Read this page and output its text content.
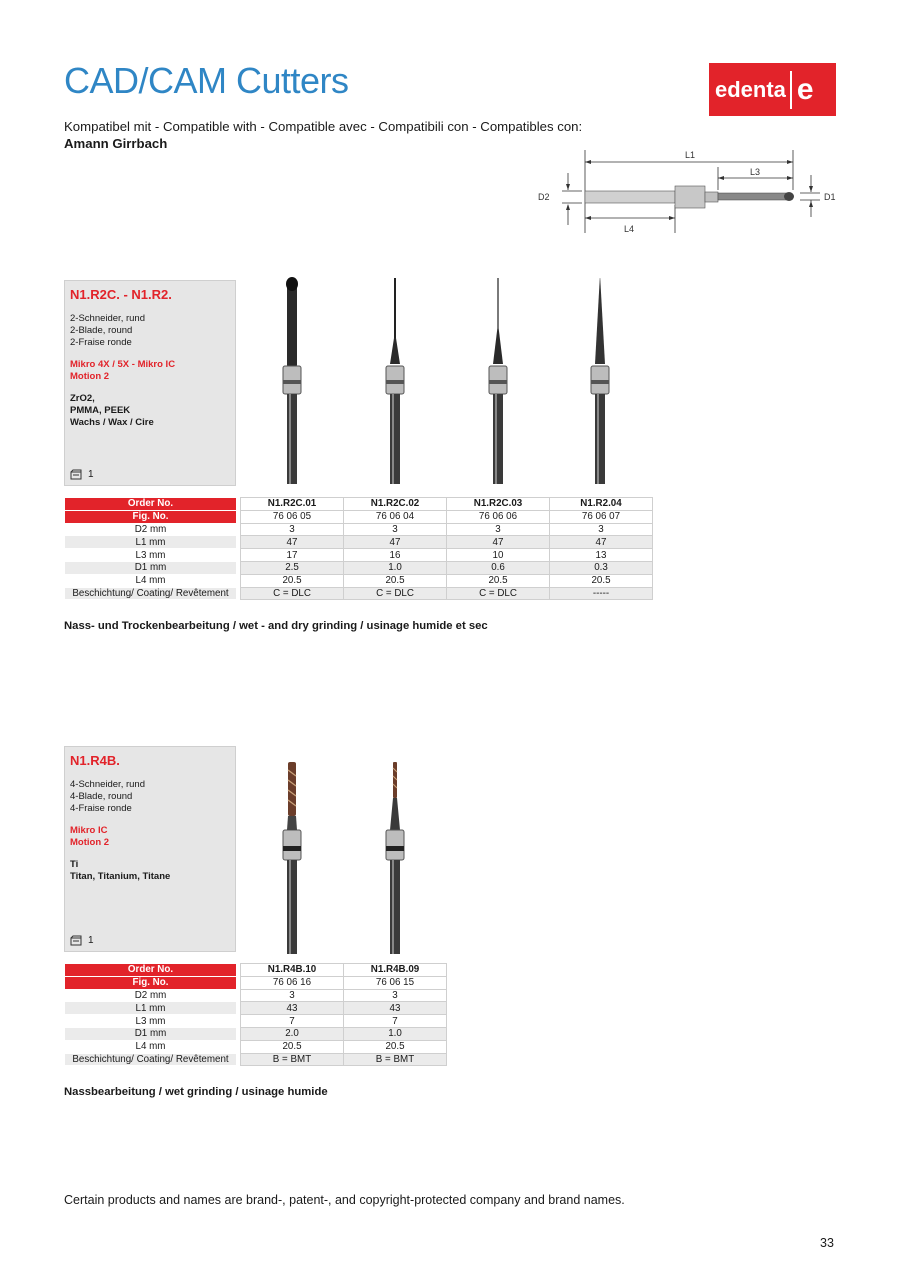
CAD/CAM Cutters	edenta e
Kompatibel mit - Compatible with - Compatible avec - Compatibili con - Compatibles con:
Amann Girrbach
L1
L3
D2	D1
L4
N1.R2C. - N1.R2.
2-Schneider, rund
2-Blade, round
2-Fraise ronde
Mikro 4X / 5X - Mikro IC
Motion 2
ZrO2,
PMMA, PEEK
Wachs / Wax / Cire
1
Order No.		N1.R2C.01	N1.R2C.02	N1.R2C.03	N1.R2.04
Fig. No.		76 06 05	76 06 04	76 06 06	76 06 07
D2 mm		3	3	3	3
L1 mm		47	47	47	47
L3 mm		17	16	10	13
D1 mm		2.5	1.0	0.6	0.3
L4 mm		20.5	20.5	20.5	20.5
Beschichtung/ Coating/ Revêtement		C = DLC	C = DLC	C = DLC	-----
Nass- und Trockenbearbeitung / wet - and dry grinding / usinage humide et sec
N1.R4B.
4-Schneider, rund
4-Blade, round
4-Fraise ronde
Mikro IC
Motion 2
Ti
Titan, Titanium, Titane
1
Order No.		N1.R4B.10	N1.R4B.09
Fig. No.		76 06 16	76 06 15
D2 mm		3	3
L1 mm		43	43
L3 mm		7	7
D1 mm		2.0	1.0
L4 mm		20.5	20.5
Beschichtung/ Coating/ Revêtement		B = BMT	B = BMT
Nassbearbeitung / wet grinding / usinage humide
Certain products and names are brand-, patent-, and copyright-protected company and brand names.
33
